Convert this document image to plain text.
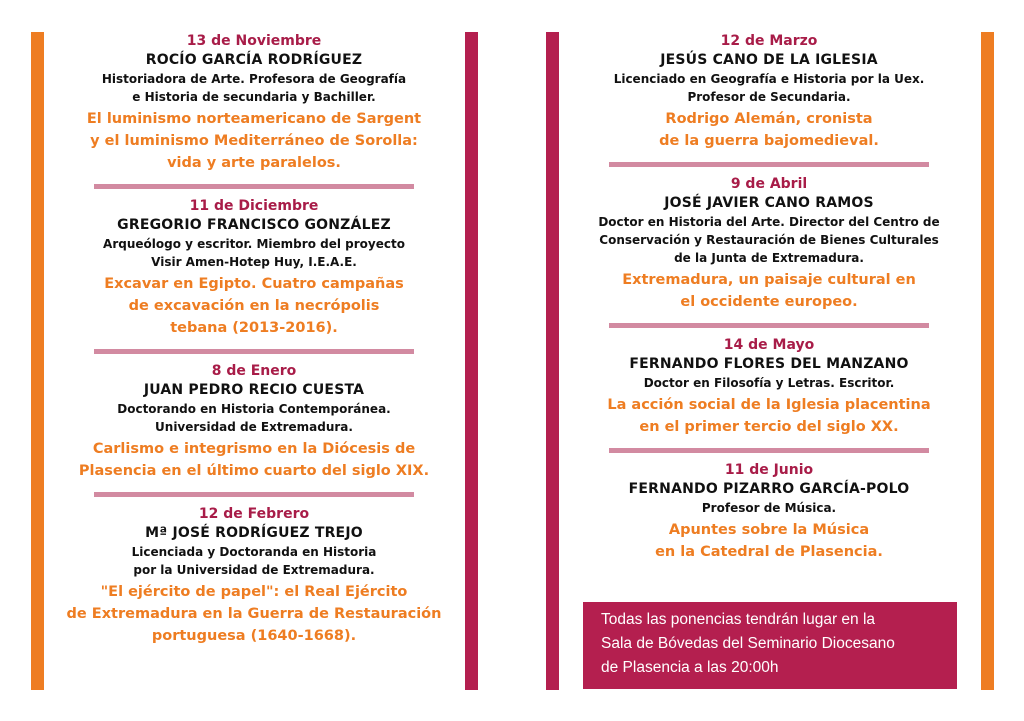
13 de Noviembre
ROCÍO GARCÍA RODRÍGUEZ
Historiadora de Arte. Profesora de Geografía
e Historia de secundaria y Bachiller.
El luminismo norteamericano de Sargent
y el luminismo Mediterráneo de Sorolla:
vida y arte paralelos.
11 de Diciembre
GREGORIO FRANCISCO GONZÁLEZ
Arqueólogo y escritor. Miembro del proyecto
Visir Amen-Hotep Huy, I.E.A.E.
Excavar en Egipto. Cuatro campañas
de excavación en la necrópolis
tebana (2013-2016).
8 de Enero
JUAN PEDRO RECIO CUESTA
Doctorando en Historia Contemporánea.
Universidad de Extremadura.
Carlismo e integrismo en la Diócesis de
Plasencia en el último cuarto del siglo XIX.
12 de Febrero
Mª JOSÉ RODRÍGUEZ TREJO
Licenciada y Doctoranda en Historia
por la Universidad de Extremadura.
"El ejército de papel": el Real Ejército
de Extremadura en la Guerra de Restauración
portuguesa (1640-1668).
12 de Marzo
JESÚS CANO DE LA IGLESIA
Licenciado en Geografía e Historia por la Uex.
Profesor de Secundaria.
Rodrigo Alemán, cronista
de la guerra bajomedieval.
9 de Abril
JOSÉ JAVIER CANO RAMOS
Doctor en Historia del Arte. Director del Centro de
Conservación y Restauración de Bienes Culturales
de la Junta de Extremadura.
Extremadura, un paisaje cultural en
el occidente europeo.
14 de Mayo
FERNANDO FLORES DEL MANZANO
Doctor en Filosofía y Letras. Escritor.
La acción social de la Iglesia placentina
en el primer tercio del siglo XX.
11 de Junio
FERNANDO PIZARRO GARCÍA-POLO
Profesor de Música.
Apuntes sobre la Música
en la Catedral de Plasencia.
Todas las ponencias tendrán lugar en la
Sala de Bóvedas del Seminario Diocesano
de Plasencia a las 20:00h
